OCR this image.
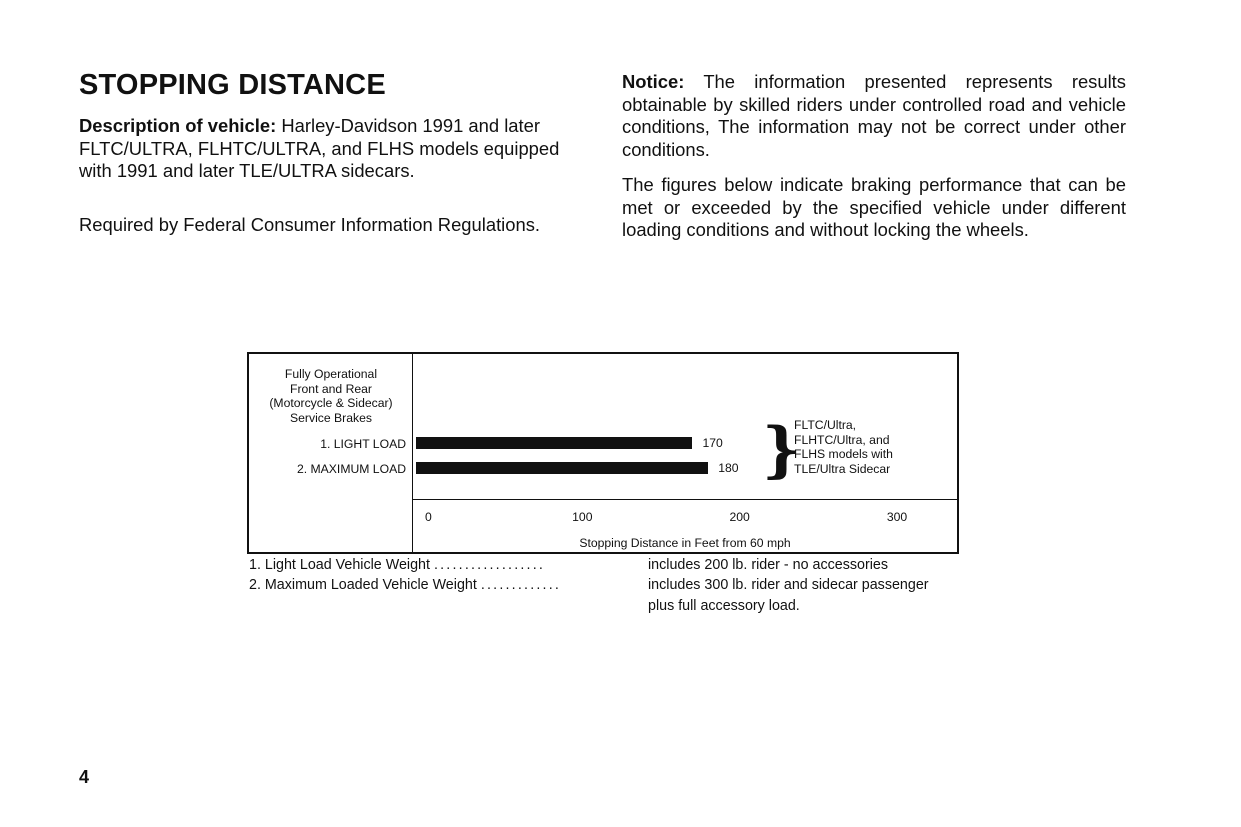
STOPPING DISTANCE

Description of vehicle: Harley-Davidson 1991 and later FLTC/ULTRA, FLHTC/ULTRA, and FLHS models equipped with 1991 and later TLE/ULTRA sidecars.

Required by Federal Consumer Information Regulations.

Notice: The information presented represents results obtainable by skilled riders under controlled road and vehicle conditions, The information may not be correct under other conditions.

The figures below indicate braking performance that can be met or exceeded by the specified vehicle under different loading conditions and without locking the wheels.

Fully Operational
Front and Rear
(Motorcycle & Sidecar)
Service Brakes
1. LIGHT LOAD
2. MAXIMUM LOAD
170
180 }
FLTC/Ultra,
FLHTC/Ultra, and
FLHS models with
TLE/Ultra Sidecar
0	100	200	300
Stopping Distance in Feet from 60 mph
1. Light Load Vehicle Weight ..................	includes 200 lb. rider - no accessories
2. Maximum Loaded Vehicle Weight .............	includes 300 lb. rider and sidecar passenger
plus full accessory load.
4
